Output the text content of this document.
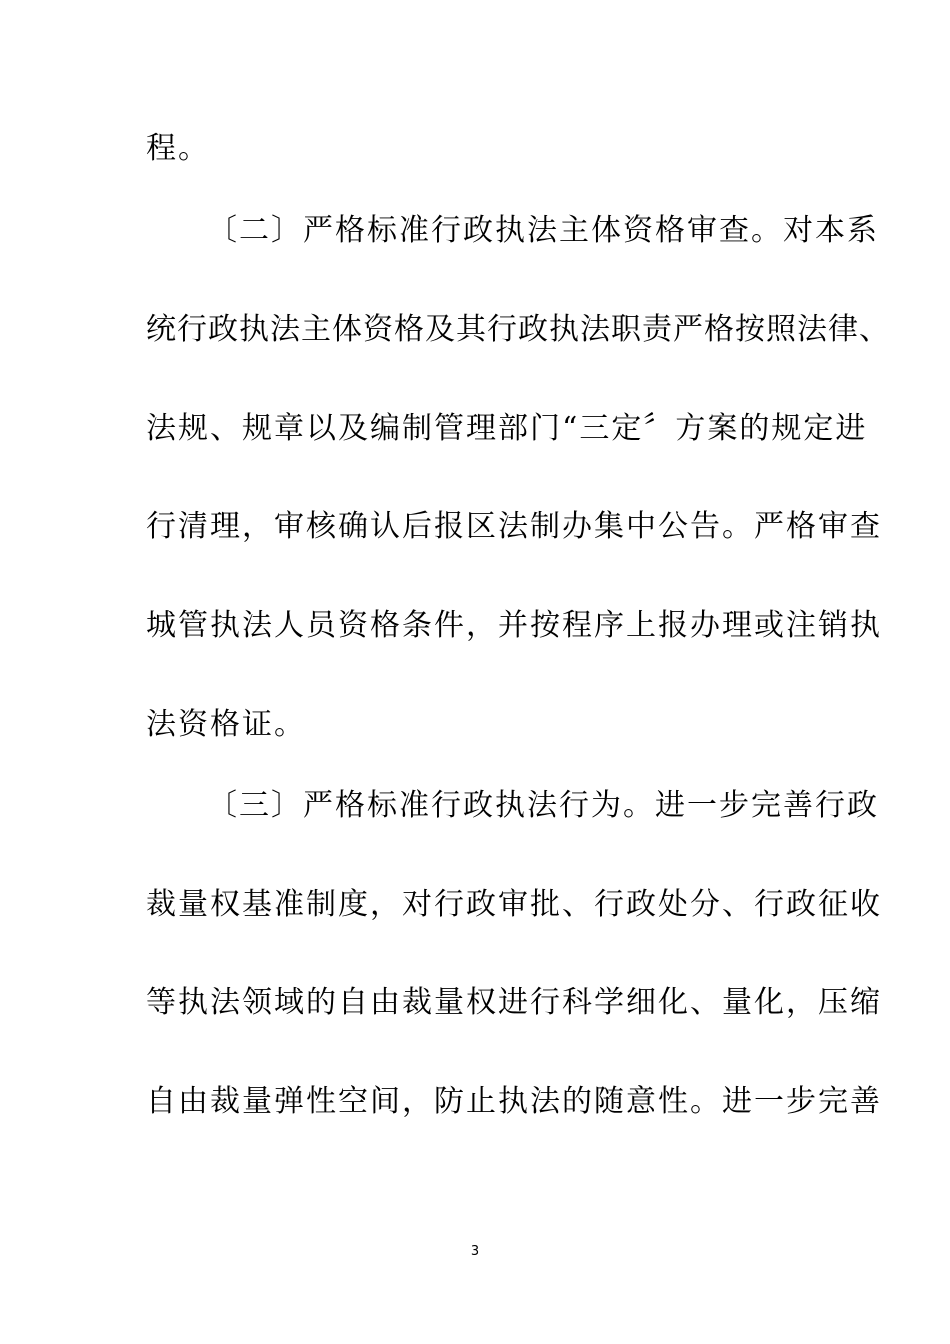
程。
〔二〕严格标准行政执法主体资格审查。对本系
统行政执法主体资格及其行政执法职责严格按照法律、
法规、规章以及编制管理部门“三定〞方案的规定进
行清理，审核确认后报区法制办集中公告。严格审查
城管执法人员资格条件，并按程序上报办理或注销执
法资格证。
〔三〕严格标准行政执法行为。进一步完善行政
裁量权基准制度，对行政审批、行政处分、行政征收
等执法领域的自由裁量权进行科学细化、量化，压缩
自由裁量弹性空间，防止执法的随意性。进一步完善
3
